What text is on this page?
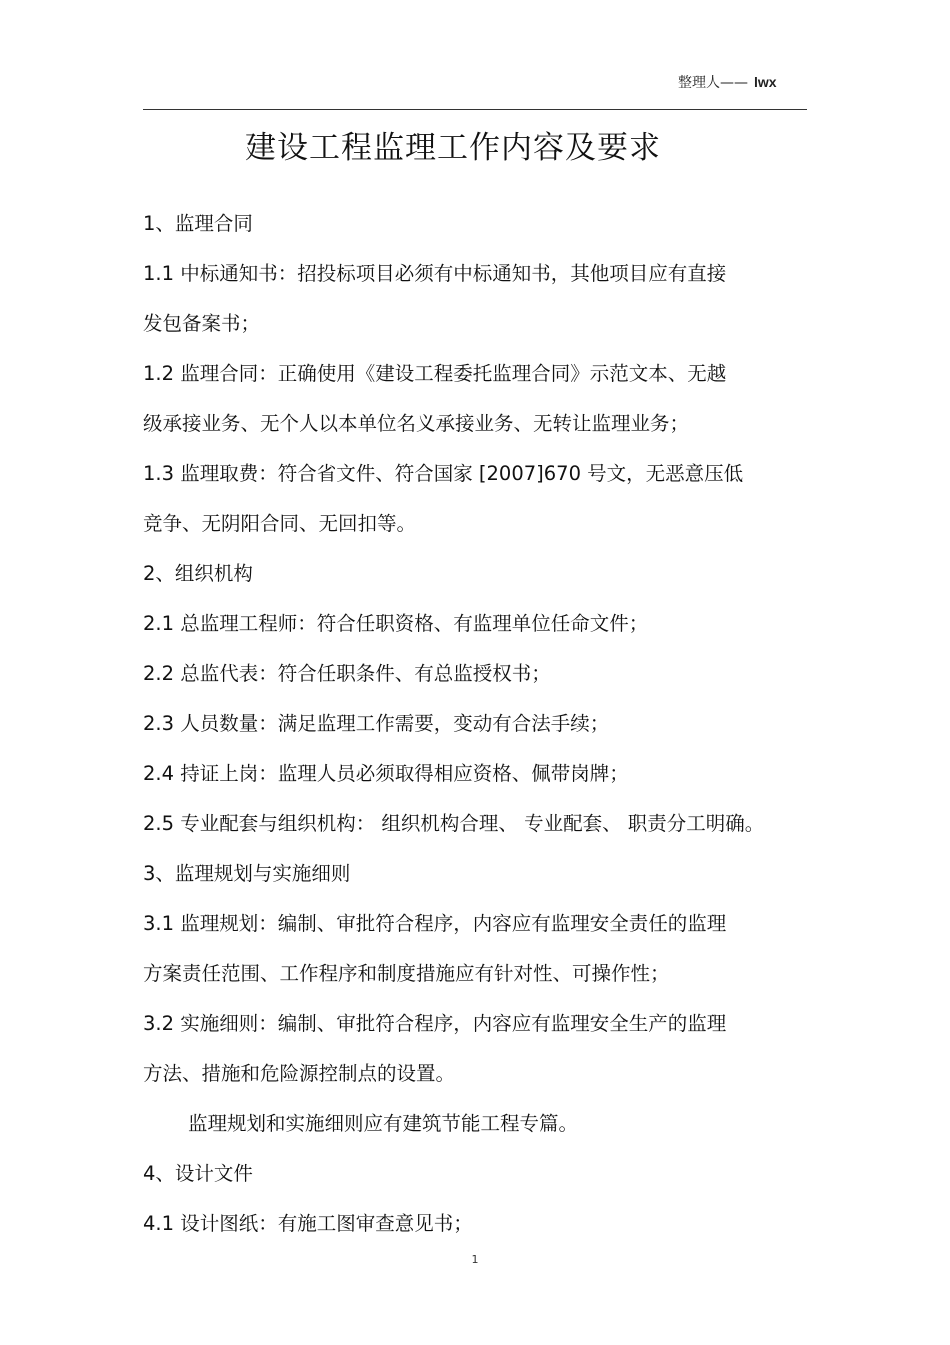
整理人—— lwx
建设工程监理工作内容及要求
1、监理合同
1.1 中标通知书：招投标项目必须有中标通知书，其他项目应有直接
发包备案书；
1.2 监理合同：正确使用《建设工程委托监理合同》示范文本、无越
级承接业务、无个人以本单位名义承接业务、无转让监理业务；
1.3 监理取费：符合省文件、符合国家 [2007]670 号文，无恶意压低
竞争、无阴阳合同、无回扣等。
2、组织机构
2.1 总监理工程师：符合任职资格、有监理单位任命文件；
2.2 总监代表：符合任职条件、有总监授权书；
2.3 人员数量：满足监理工作需要，变动有合法手续；
2.4 持证上岗：监理人员必须取得相应资格、佩带岗牌；
2.5 专业配套与组织机构： 组织机构合理、 专业配套、 职责分工明确。
3、监理规划与实施细则
3.1 监理规划：编制、审批符合程序，内容应有监理安全责任的监理
方案责任范围、工作程序和制度措施应有针对性、可操作性；
3.2 实施细则：编制、审批符合程序，内容应有监理安全生产的监理
方法、措施和危险源控制点的设置。
监理规划和实施细则应有建筑节能工程专篇。
4、设计文件
4.1 设计图纸：有施工图审查意见书；
1
